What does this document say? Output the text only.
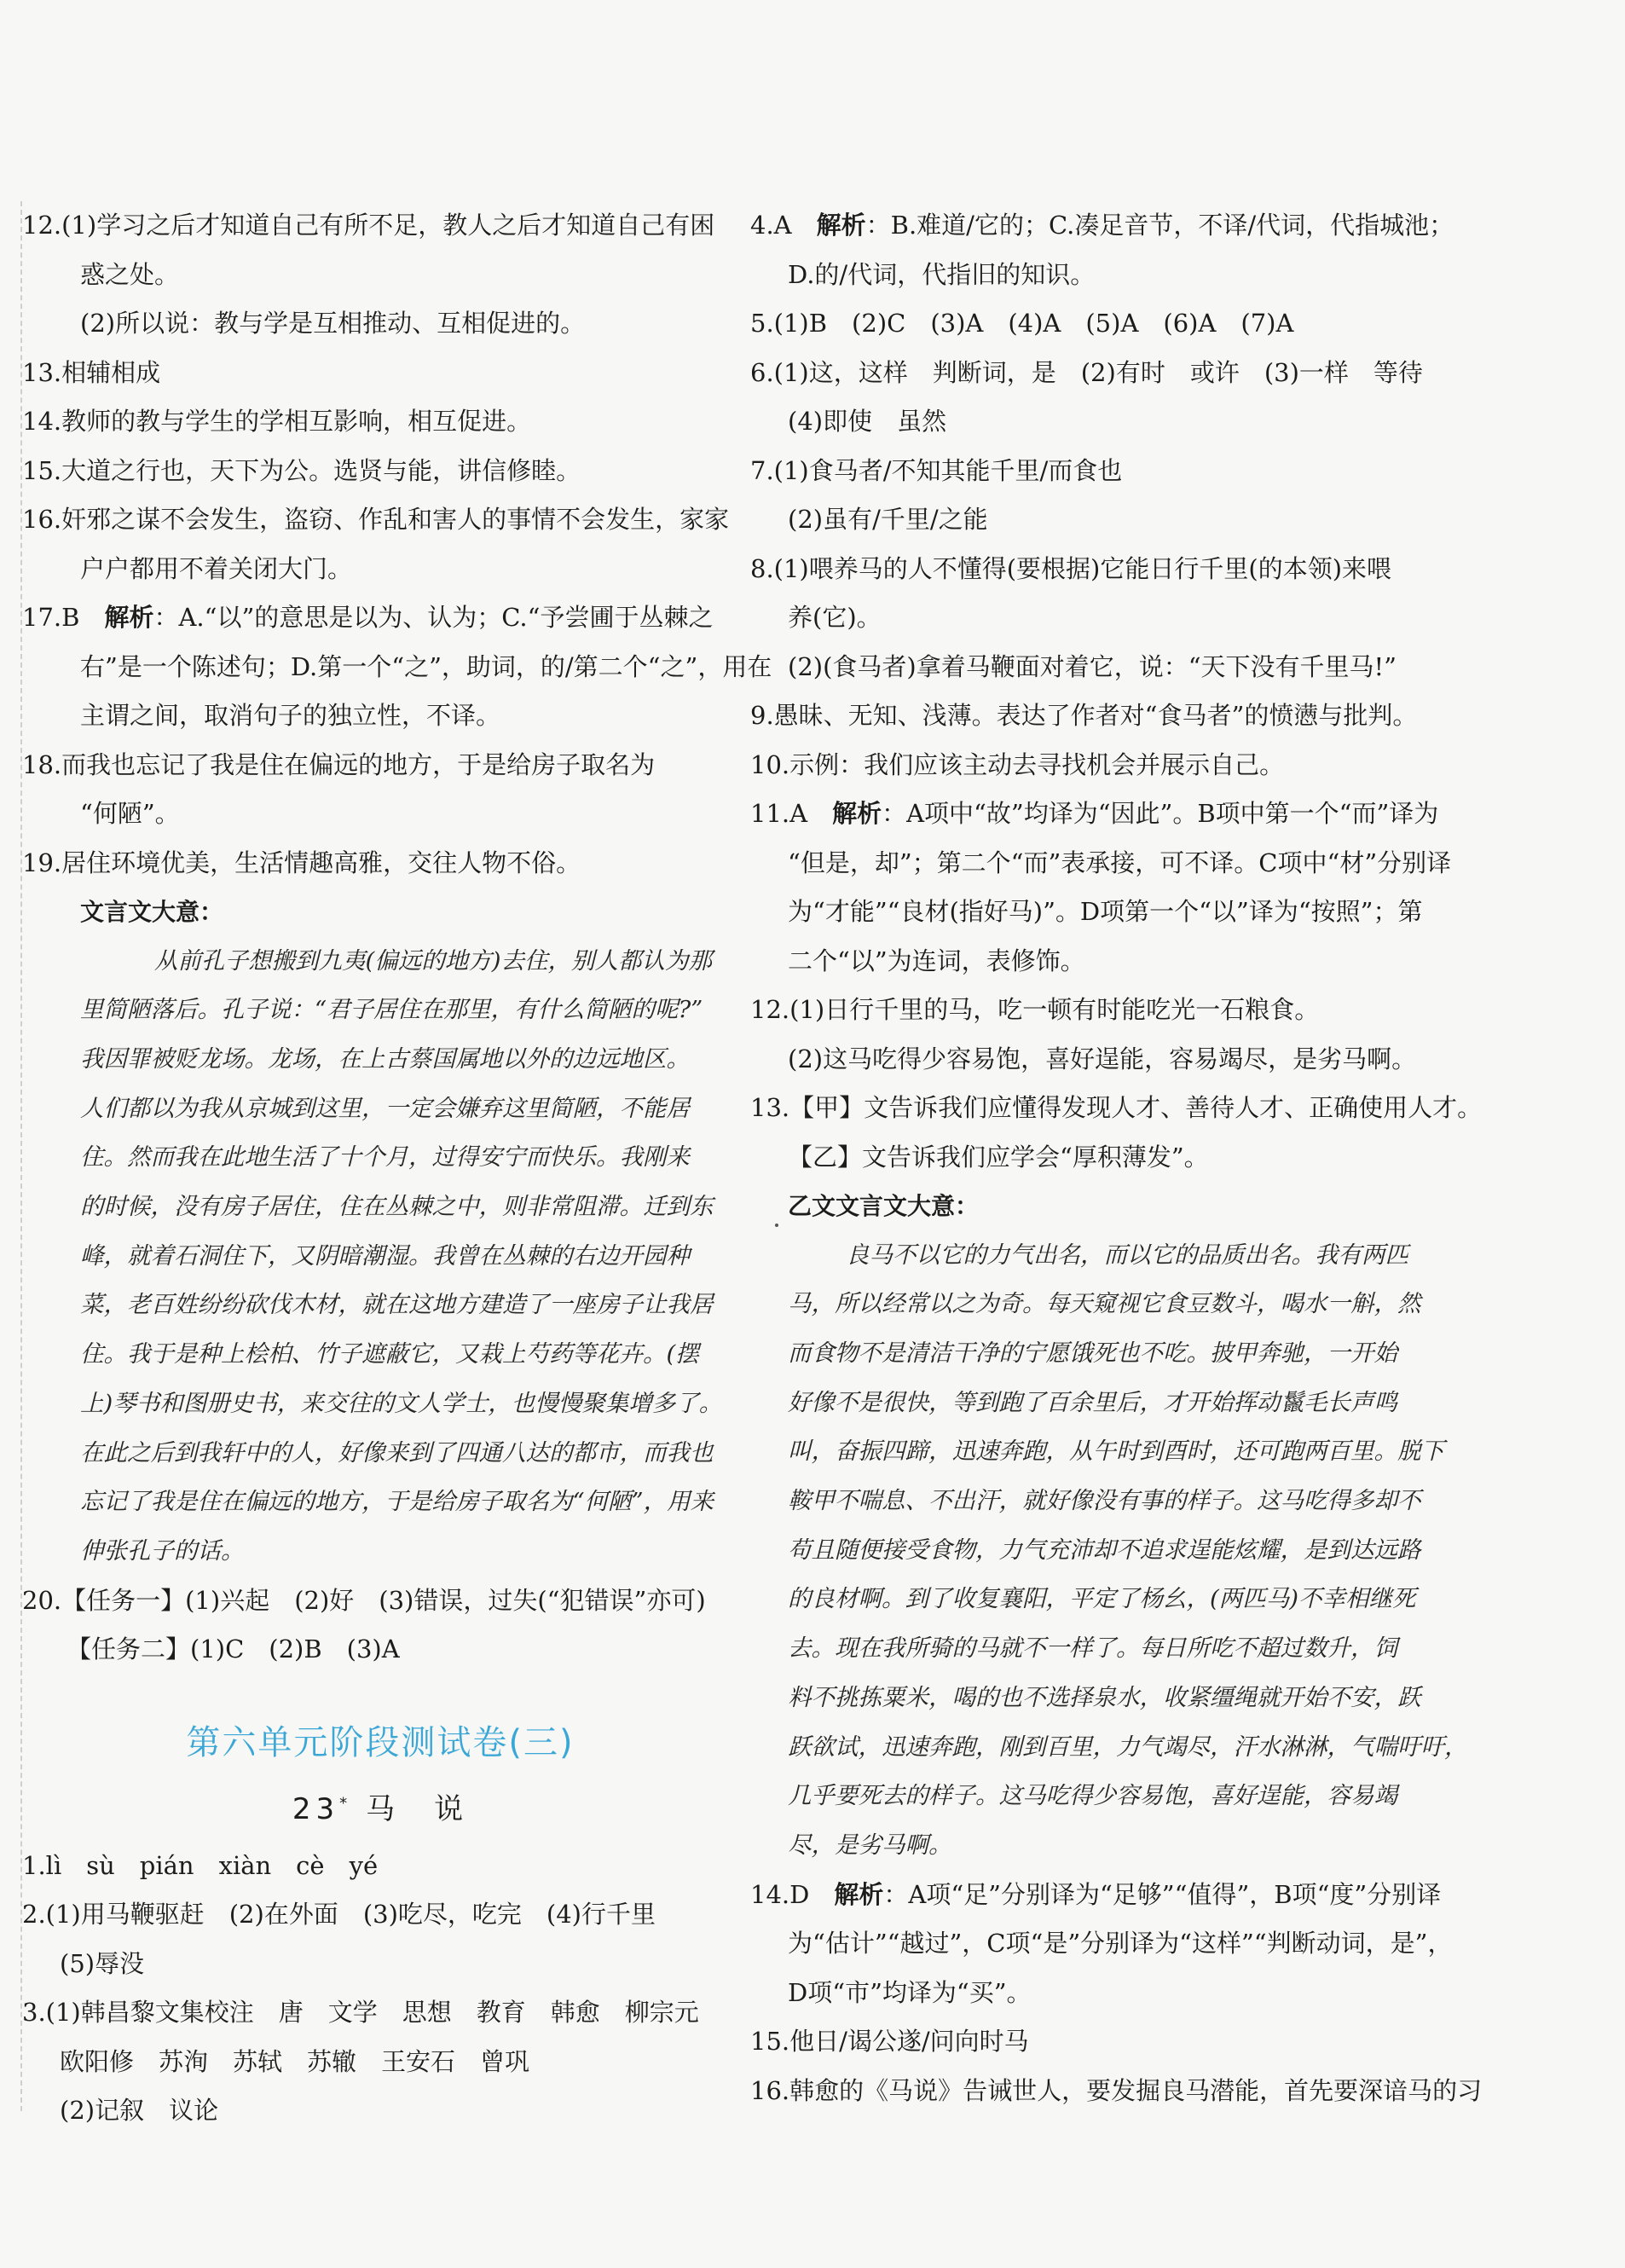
12.(1)学习之后才知道自己有所不足，教人之后才知道自己有困
惑之处。
(2)所以说：教与学是互相推动、互相促进的。
13.相辅相成
14.教师的教与学生的学相互影响，相互促进。
15.大道之行也，天下为公。选贤与能，讲信修睦。
16.奸邪之谋不会发生，盗窃、作乱和害人的事情不会发生，家家
户户都用不着关闭大门。
17.B　解析：A.“以”的意思是以为、认为；C.“予尝圃于丛棘之
右”是一个陈述句；D.第一个“之”，助词，的/第二个“之”，用在
主谓之间，取消句子的独立性，不译。
18.而我也忘记了我是住在偏远的地方，于是给房子取名为
“何陋”。
19.居住环境优美，生活情趣高雅，交往人物不俗。
文言文大意：
从前孔子想搬到九夷(偏远的地方)去住，别人都认为那
里简陋落后。孔子说：“君子居住在那里，有什么简陋的呢?”
我因罪被贬龙场。龙场，在上古蔡国属地以外的边远地区。
人们都以为我从京城到这里，一定会嫌弃这里简陋，不能居
住。然而我在此地生活了十个月，过得安宁而快乐。我刚来
的时候，没有房子居住，住在丛棘之中，则非常阻滞。迁到东
峰，就着石洞住下，又阴暗潮湿。我曾在丛棘的右边开园种
菜，老百姓纷纷砍伐木材，就在这地方建造了一座房子让我居
住。我于是种上桧柏、竹子遮蔽它，又栽上芍药等花卉。(摆
上)琴书和图册史书，来交往的文人学士，也慢慢聚集增多了。
在此之后到我轩中的人，好像来到了四通八达的都市，而我也
忘记了我是住在偏远的地方，于是给房子取名为“何陋”，用来
伸张孔子的话。
20.【任务一】(1)兴起　(2)好　(3)错误，过失(“犯错误”亦可)
【任务二】(1)C　(2)B　(3)A
第六单元阶段测试卷(三)
23* 马　说
1.lì　sù　pián　xiàn　cè　yé
2.(1)用马鞭驱赶　(2)在外面　(3)吃尽，吃完　(4)行千里
(5)辱没
3.(1)韩昌黎文集校注　唐　文学　思想　教育　韩愈　柳宗元
欧阳修　苏洵　苏轼　苏辙　王安石　曾巩
(2)记叙　议论
4.A　解析：B.难道/它的；C.凑足音节，不译/代词，代指城池；
D.的/代词，代指旧的知识。
5.(1)B　(2)C　(3)A　(4)A　(5)A　(6)A　(7)A
6.(1)这，这样　判断词，是　(2)有时　或许　(3)一样　等待
(4)即使　虽然
7.(1)食马者/不知其能千里/而食也
(2)虽有/千里/之能
8.(1)喂养马的人不懂得(要根据)它能日行千里(的本领)来喂
养(它)。
(2)(食马者)拿着马鞭面对着它，说：“天下没有千里马!”
9.愚昧、无知、浅薄。表达了作者对“食马者”的愤懑与批判。
10.示例：我们应该主动去寻找机会并展示自己。
11.A　解析：A项中“故”均译为“因此”。B项中第一个“而”译为
“但是，却”；第二个“而”表承接，可不译。C项中“材”分别译
为“才能”“良材(指好马)”。D项第一个“以”译为“按照”；第
二个“以”为连词，表修饰。
12.(1)日行千里的马，吃一顿有时能吃光一石粮食。
(2)这马吃得少容易饱，喜好逞能，容易竭尽，是劣马啊。
13.【甲】文告诉我们应懂得发现人才、善待人才、正确使用人才。
【乙】文告诉我们应学会“厚积薄发”。
乙文文言文大意：
良马不以它的力气出名，而以它的品质出名。我有两匹
马，所以经常以之为奇。每天窥视它食豆数斗，喝水一斛，然
而食物不是清洁干净的宁愿饿死也不吃。披甲奔驰，一开始
好像不是很快，等到跑了百余里后，才开始挥动鬣毛长声鸣
叫，奋振四蹄，迅速奔跑，从午时到酉时，还可跑两百里。脱下
鞍甲不喘息、不出汗，就好像没有事的样子。这马吃得多却不
苟且随便接受食物，力气充沛却不追求逞能炫耀，是到达远路
的良材啊。到了收复襄阳，平定了杨幺，(两匹马)不幸相继死
去。现在我所骑的马就不一样了。每日所吃不超过数升，饲
料不挑拣粟米，喝的也不选择泉水，收紧缰绳就开始不安，跃
跃欲试，迅速奔跑，刚到百里，力气竭尽，汗水淋淋，气喘吁吁，
几乎要死去的样子。这马吃得少容易饱，喜好逞能，容易竭
尽，是劣马啊。
14.D　解析：A项“足”分别译为“足够”“值得”，B项“度”分别译
为“估计”“越过”，C项“是”分别译为“这样”“判断动词，是”，
D项“市”均译为“买”。
15.他日/谒公遂/问向时马
16.韩愈的《马说》告诫世人，要发掘良马潜能，首先要深谙马的习
